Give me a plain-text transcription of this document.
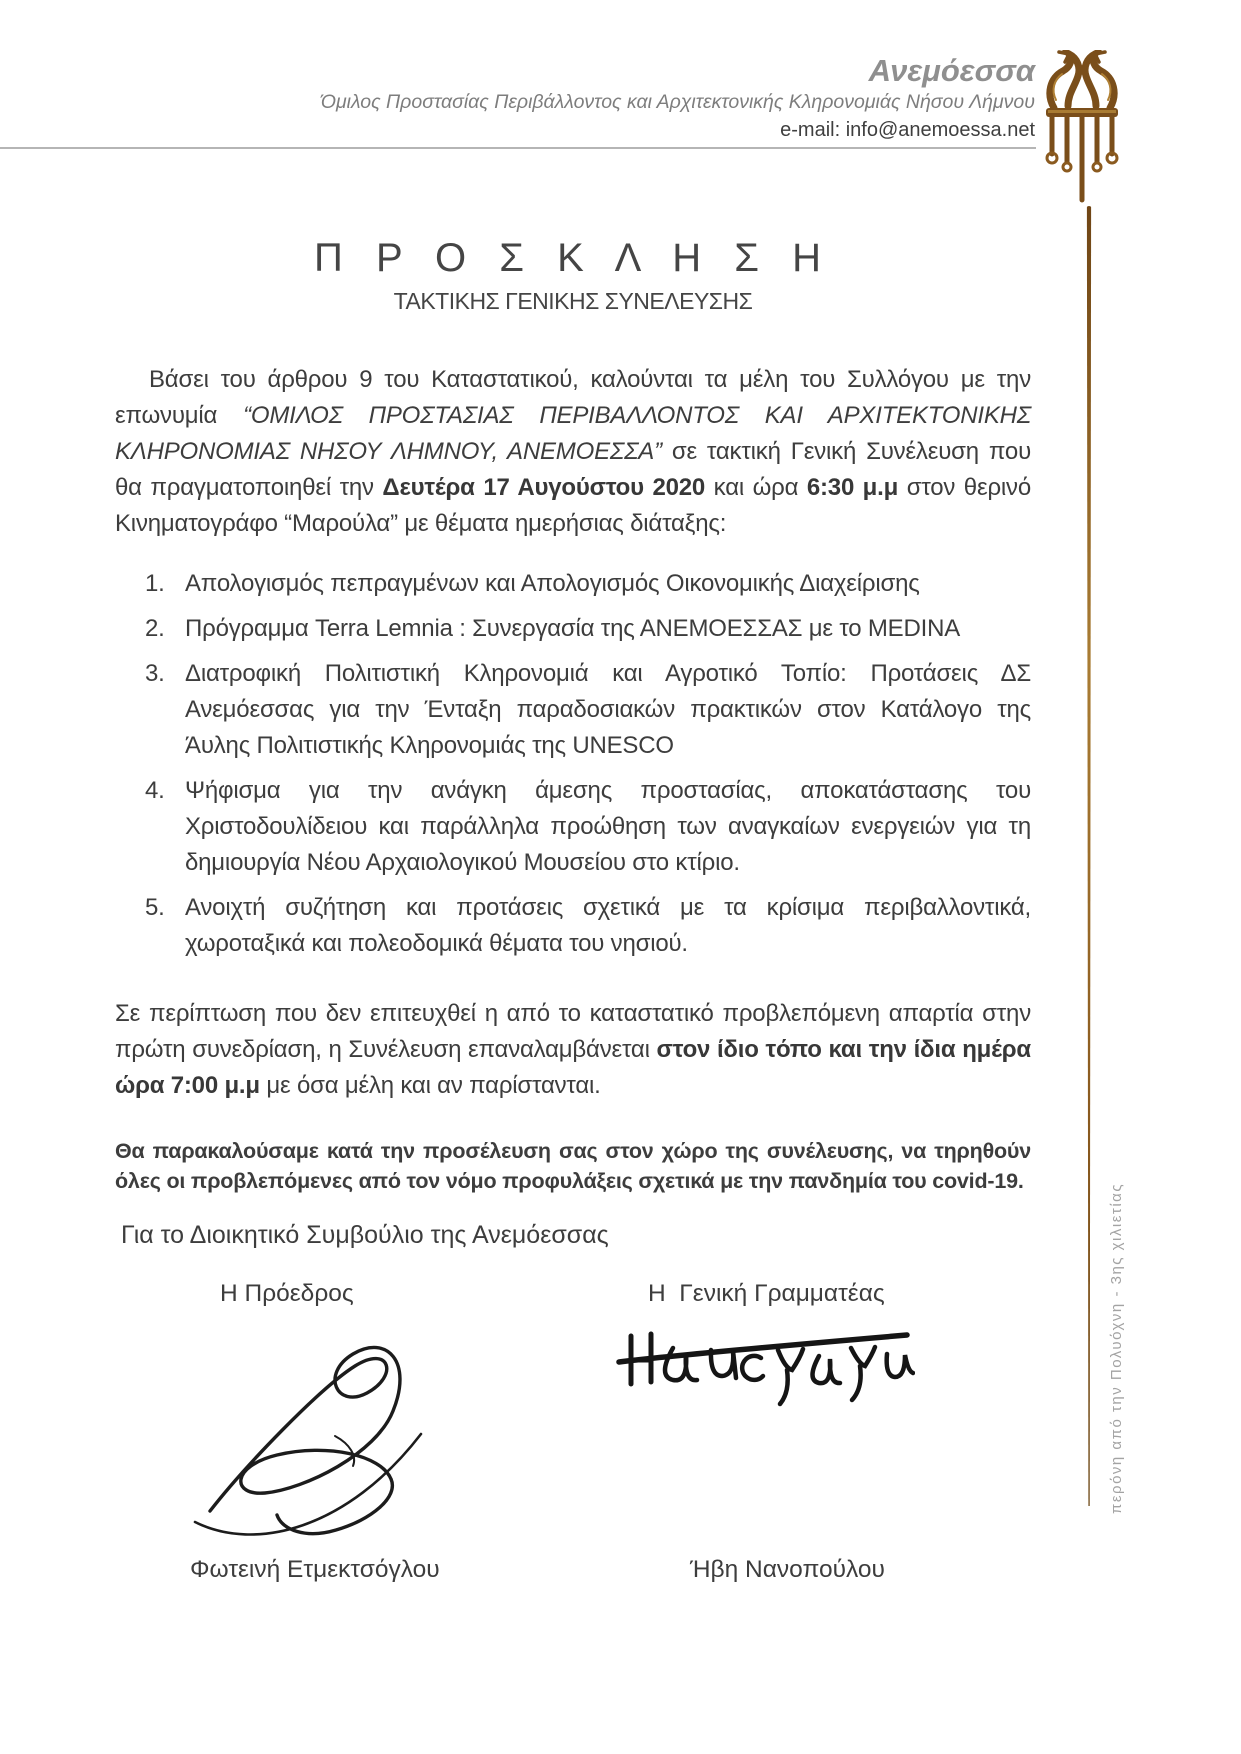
Ανεμόεσσα
Όμιλος Προστασίας Περιβάλλοντος και Αρχιτεκτονικής Κληρονομιάς Νήσου Λήμνου
e-mail: info@anemoessa.net
περόνη από την Πολυόχνη - 3ης χιλιετίας
Π Ρ Ο Σ Κ Λ Η Σ Η
ΤΑΚΤΙΚΗΣ ΓΕΝΙΚΗΣ ΣΥΝΕΛΕΥΣΗΣ

Βάσει του άρθρου 9 του Καταστατικού, καλούνται τα μέλη του Συλλόγου με την επωνυμία “ΟΜΙΛΟΣ ΠΡΟΣΤΑΣΙΑΣ ΠΕΡΙΒΑΛΛΟΝΤΟΣ ΚΑΙ ΑΡΧΙΤΕΚΤΟΝΙΚΗΣ ΚΛΗΡΟΝΟΜΙΑΣ ΝΗΣΟΥ ΛΗΜΝΟΥ, ΑΝΕΜΟΕΣΣΑ” σε τακτική Γενική Συνέλευση που θα πραγματοποιηθεί την Δευτέρα 17 Αυγούστου 2020 και ώρα 6:30 μ.μ στον θερινό Κινηματογράφο “Μαρούλα” με θέματα ημερήσιας διάταξης:

1. Απολογισμός πεπραγμένων και Απολογισμός Οικονομικής Διαχείρισης
2. Πρόγραμμα Terra Lemnia : Συνεργασία της ΑΝΕΜΟΕΣΣΑΣ με το MEDINA
3. Διατροφική Πολιτιστική Κληρονομιά και Αγροτικό Τοπίο: Προτάσεις ΔΣ Ανεμόεσσας για την Ένταξη παραδοσιακών πρακτικών στον Κατάλογο της Άυλης Πολιτιστικής Κληρονομιάς της UNESCO
4. Ψήφισμα για την ανάγκη άμεσης προστασίας, αποκατάστασης του Χριστοδουλίδειου και παράλληλα προώθηση των αναγκαίων ενεργειών για τη δημιουργία Νέου Αρχαιολογικού Μουσείου στο κτίριο.
5. Ανοιχτή συζήτηση και προτάσεις σχετικά με τα κρίσιμα περιβαλλοντικά, χωροταξικά και πολεοδομικά θέματα του νησιού.

Σε περίπτωση που δεν επιτευχθεί η από το καταστατικό προβλεπόμενη απαρτία στην πρώτη συνεδρίαση, η Συνέλευση επαναλαμβάνεται στον ίδιο τόπο και την ίδια ημέρα ώρα 7:00 μ.μ με όσα μέλη και αν παρίστανται.

Θα παρακαλούσαμε κατά την προσέλευση σας στον χώρο της συνέλευσης, να τηρηθούν όλες οι προβλεπόμενες από τον νόμο προφυλάξεις σχετικά με την πανδημία του covid-19.

Για το Διοικητικό Συμβούλιο της Ανεμόεσσας

Η Πρόεδρος	Η  Γενική Γραμματέας
Φωτεινή Ετμεκτσόγλου	Ήβη Νανοπούλου
